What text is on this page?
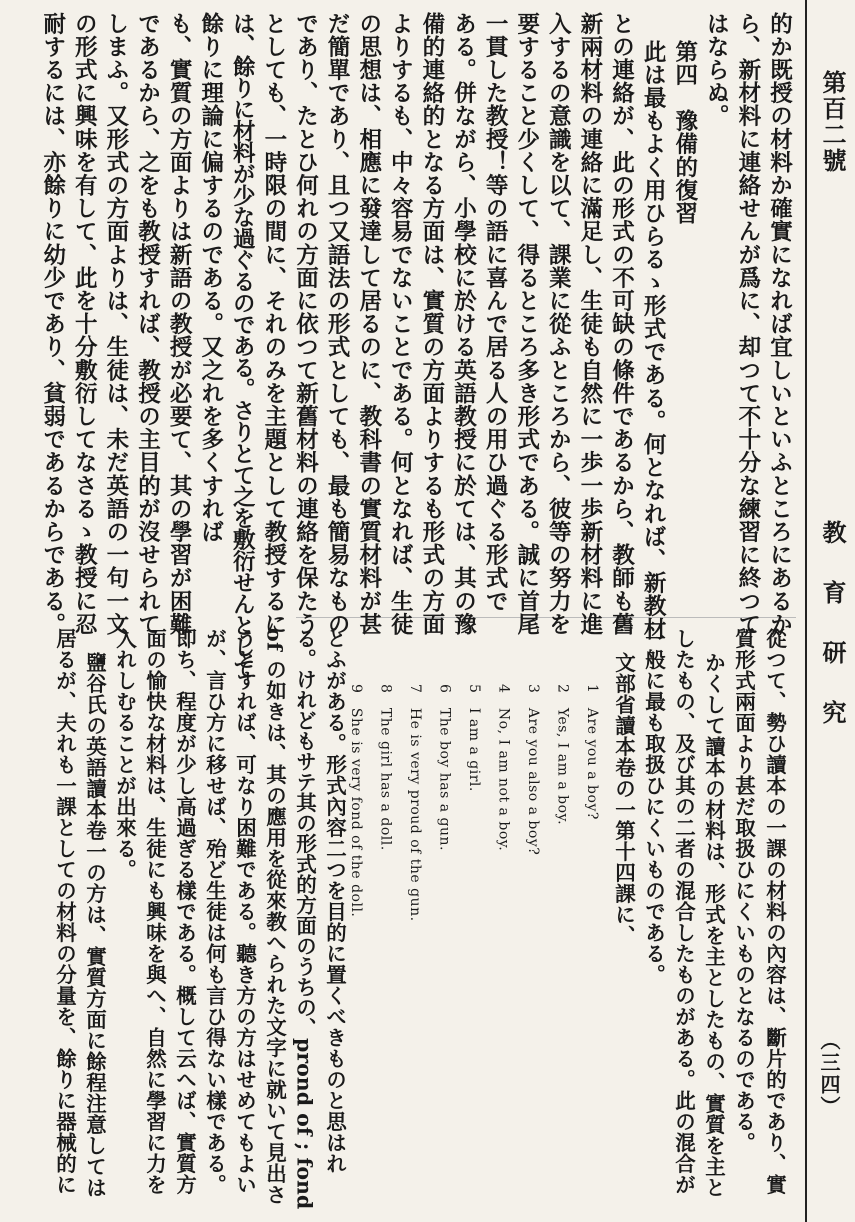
第百二號
教　育　研　究
（三四）
的か既授の材料か確實になれば宜しいといふところにあるか
ら、新材料に連絡せんが爲に、却つて不十分な練習に終つて
はならぬ。
第四　豫備的復習
此は最もよく用ひらるゝ形式である。何となれば、新教材
との連絡が、此の形式の不可缺の條件であるから、教師も舊
新兩材料の連絡に滿足し、生徒も自然に一歩一歩新材料に進
入するの意識を以て、課業に從ふところから、彼等の努力を
要すること少くして、得るところ多き形式である。誠に首尾
一貫した教授！等の語に喜んで居る人の用ひ過ぐる形式で
ある。併ながら、小學校に於ける英語教授に於ては、其の豫
備的連絡的となる方面は、實質の方面よりするも形式の方面
よりするも、中々容易でないことである。何となれば、生徒
の思想は、相應に發達して居るのに、教科書の實質材料が甚
だ簡單であり、且つ又語法の形式としても、最も簡易なもの
であり、たとひ何れの方面に依つて新舊材料の連絡を保たう
としても、一時限の間に、それのみを主題として教授するに
は、餘りに材料が少な過ぐるのである。さりとて之を敷衍せんとして
餘りに理論に偏するのである。又之れを多くすれば
も、實質の方面よりは新語の教授が必要て、其の學習が困難
であるから、之をも教授すれば、教授の主目的が沒せられて
しまふ。又形式の方面よりは、生徒は、未だ英語の一句一文
の形式に興味を有して、此を十分敷衍してなさるゝ教授に忍
耐するには、亦餘りに幼少であり、貧弱であるからである。
從つて、勢ひ讀本の一課の材料の內容は、斷片的であり、實
質形式兩面より甚だ取扱ひにくいものとなるのである。
かくして讀本の材料は、形式を主としたもの、實質を主と
したもの、及び其の二者の混合したものがある。此の混合が
一般に最も取扱ひにくいものである。
文部省讀本卷の一第十四課に、
とふがある。形式內容二つを目的に置くべきものと思はれ
る。けれどもサテ其の形式的方面のうちの、prond of ; fond
of の如きは、其の應用を從來教へられた文字に就いて見出さ
うとすれば、可なり困難である。聽き方の方はせめてもよい
が、言ひ方に移せば、殆ど生徒は何も言ひ得ない樣である。
即ち、程度が少し高過ぎる樣である。概して云へば、實質方
面の愉快な材料は、生徒にも興味を與へ、自然に學習に力を
入れしむることが出來る。
鹽谷氏の英語讀本卷一の方は、實質方面に餘程注意しては
居るが、夫れも一課としての材料の分量を、餘りに器械的に	1　Are you a boy?
2　Yes, I am a boy.
3　Are you also a boy?
4　No, I am not a boy.
5　I am a girl.
6　The boy has a gun.
7　He is very proud of the gun.
8　The girl has a doll.
9　She is very fond of the doll.
